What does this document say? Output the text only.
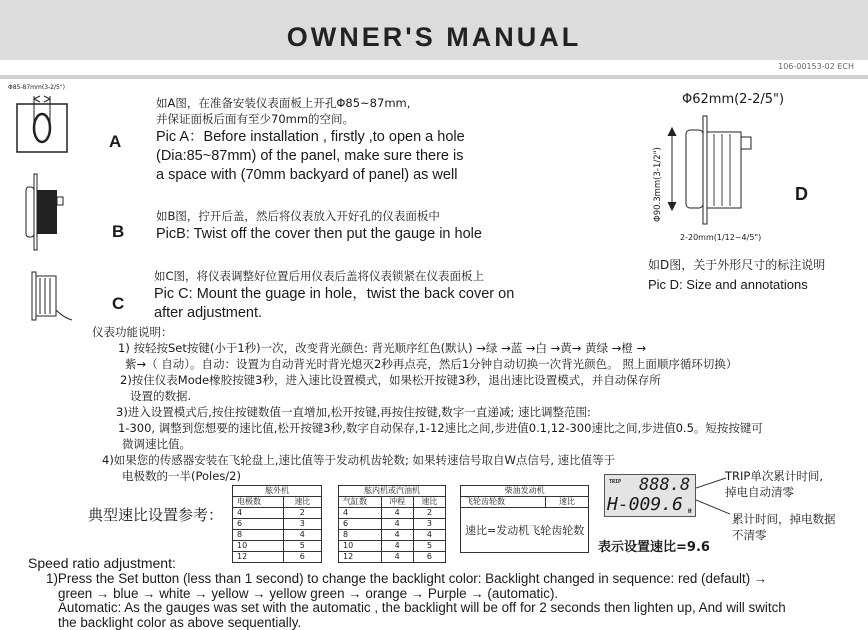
OWNER'S MANUAL
106-00153-02 ECH
Φ85-87mm(3-2/5")
A
如A图，在准备安装仪表面板上开孔Φ85~87mm,
并保证面板后面有至少70mm的空间。
Pic A：Before installation , firstly ,to open a hole
(Dia:85~87mm) of the panel, make sure there is
a space with (70mm backyard of panel) as well
B
如B图，拧开后盖，然后将仪表放入开好孔的仪表面板中
PicB: Twist off the cover then put the gauge in hole
C
如C图，将仪表调整好位置后用仪表后盖将仪表锁紧在仪表面板上
Pic C: Mount the guage in hole，twist the back cover on
after adjustment.
Φ62mm(2-2/5")
Φ90.3mm(3-1/2")
2-20mm(1/12~4/5")
D
如D图，关于外形尺寸的标注说明
Pic D: Size and annotations
仪表功能说明：
1) 按轻按Set按键(小于1秒)一次，改变背光颜色: 背光顺序红色(默认) →绿 →蓝 →白 →黄→ 黄绿 →橙 →
紫→（ 自动）。自动：设置为自动背光时背光熄灭2秒再点亮，然后1分钟自动切换一次背光颜色。 照上面顺序循环切换）
2)按住仪表Mode橡胶按键3秒，进入速比设置模式，如果松开按键3秒，退出速比设置模式，并自动保存所
设置的数据.
3)进入设置模式后,按住按键数值一直增加,松开按键,再按住按键,数字一直递减; 速比调整范围:
1-300, 调整到您想要的速比值,松开按键3秒,数字自动保存,1-12速比之间,步进值0.1,12-300速比之间,步进值0.5。短按按键可
微调速比值。
4)如果您的传感器安装在飞轮盘上,速比值等于发动机齿轮数; 如果转速信号取自W点信号, 速比值等于
电极数的一半(Poles/2)
典型速比设置参考：
舷外机	
电极数	速比
4	2
6	3
8	4
10	5
12	6
舷内机或汽油机		
气缸数	冲程	速比
4	4	2
6	4	3
8	4	4
10	4	5
12	4	6
柴油发动机
飞轮齿轮数	速比
速比=发动机飞轮齿轮数
TRIP 888.8
H-009.6 H
TRIP单次累计时间,
掉电自动清零
累计时间，掉电数据
不清零
表示设置速比=9.6
Speed ratio adjustment:
1)Press the Set button (less than 1 second) to change the backlight color: Backlight changed in sequence: red (default) →
green → blue → white → yellow → yellow green → orange → Purple → (automatic).
Automatic: As the gauges was set with the automatic , the backlight will be off for 2 seconds then lighten up, And will switch
the backlight color as above sequentially.
